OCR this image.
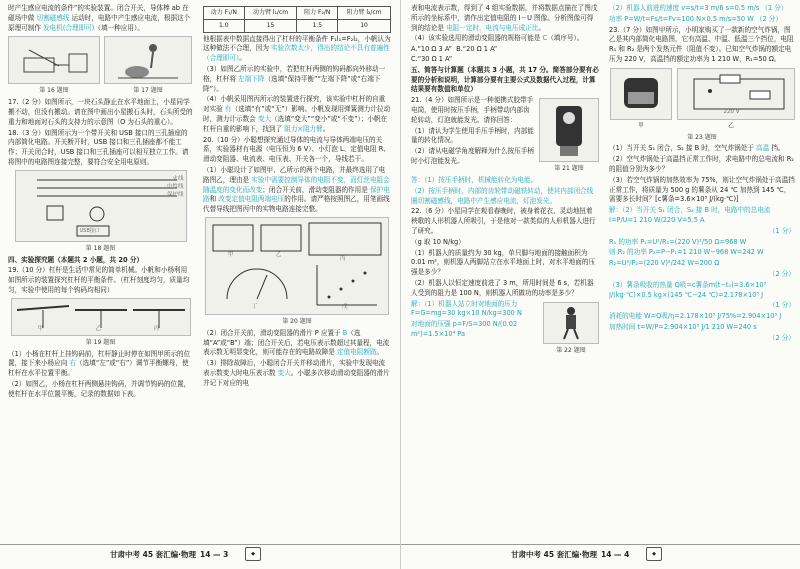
时产生感应电流的条件”的实验装置。闭合开关，导体棒 ab 在磁场中做 切割磁感线 运动时，电路中产生感应电流，根据这个原理可制作 发电机(合理即可)（填一种应用）。

第 16 题图	第 17 题图

17.（2 分）如图所示，一块石头静止在水平地面上，小星同学搬不动，但没有搬动。请在图中画出小星搬石头时，石头所受的重力和地面对石头的支持力的示意图（O 为石头的重心）。

18.（3 分）如图所示为一个带开关和 USB 接口的三孔插座的内部简化电路。开关断开时，USB 接口和三孔插座都不能工作；开关闭合时，USB 接口和三孔插座可以相互独立工作。请将图中的电路图连接完整，要符合安全用电原则。

火线
中性线
保护线
USB接口
第 18 题图

四、实验探究题（本题共 2 小题，共 20 分）

19.（10 分）杠杆是生活中常见的简单机械。小帆和小杨利用如图所示的装置探究杠杆的平衡条件。（杠杆刻度均匀，质量均匀，实验中使用的每个钩码均相同）

甲	乙	丙
第 19 题图

（1）小杨在杠杆上挂钩码前，杠杆静止时停在如图甲所示的位置，接下来小杨应向 右（选填“左”或“右”）调节平衡螺母，使杠杆在水平位置平衡。

（2）如图乙，小杨在杠杆两侧悬挂钩码，并调节钩码的位置，使杠杆在水平位置平衡，记录的数据如下表。

动力 F₁/N	动力臂 l₁/cm	阻力 F₂/N	阻力臂 l₂/cm
1.0	15	1.5	10

他根据表中数据直接得出了杠杆的平衡条件 F₁l₁=F₂l₂，小帆认为这种做法不合理，因为 实验次数太少，得出的结论不具有普遍性（合理即可）。

（3）如图乙所示的实验中，若把杠杆两侧的钩码都向外移动一格，杠杆将 左端下降（选填“保持平衡”“左端下降”或“右端下降”）。

（4）小帆采用图丙所示的装置进行探究，该实验中杠杆的自重对实验 有（选填“有”或“无”）影响。小帆发现用弹簧测力计拉动时，测力计示数会 变大（选填“变大”“变小”或“不变”）；小帆在杠杆自重的影响下，找到了 阻力×阻力臂。

20.（10 分）小聪想探究通过导体的电流与导体两端电压的关系，实验器材有电源（电压恒为 6 V）、小灯泡 L、定值电阻 R、滑动变阻器、电流表、电压表、开关各一个，导线若干。

（1）小聪设计了如图甲、乙所示的两个电路，并最终选用了电路图乙，理由是 实验中需要控制导体的电阻不变，而灯丝电阻会随温度的变化而改变；闭合开关前，滑动变阻器的作用是 保护电路和 改变定值电阻两端电压的作用。请严格按照图乙，用笔画线代替导线把图丙中的实物电路连接完整。

甲	乙
丙
丁	戊
第 20 题图

（2）闭合开关前，滑动变阻器的滑片 P 应置于 B（选填“A”或“B”）端；闭合开关后，若电压表示数超过其量程，电流表示数无明显变化，则可能存在的电路故障是 定值电阻断路。

（3）排除故障后，小聪闭合开关并移动滑片，实验中发现电流表示数变大时电压表示数 变大。小聪多次移动滑动变阻器的滑片并记下对应的电

甘肃中考 45 套汇编·物理 14 — 3	◆

表和电流表示数，得到了 4 组实验数据，并将数据点描在了图戊所示的坐标系中，请作出定值电阻的 I－U 图像。分析图像可得到的结论是 电阻一定时，电流与电压成正比。

（4）该实验选用的滑动变阻器的规格可能是 C（填序号）。

A.“10 Ω 3 A” B.“20 Ω 1 A”
C.“30 Ω 1 A”

五、简答与计算题（本题共 3 小题，共 17 分。简答部分要有必要的分析和说明，计算部分要有主要公式及数据代入过程，计算结果要有数值和单位）

21.（4 分）如图所示是一种便携式胶带手电筒，使用时按压手柄，手柄带动内部齿轮转动，灯泡就能发光。请你回答：

（1）请认为学生使用手压手柄时，内部能量的转化情况。

（2）请从电磁学角度解释为什么按压手柄时小灯泡能发光。

第 21 题图

答：（1）按压手柄时，机械能转化为电能。

（2）按压手柄时，内部的齿轮带动磁铁转动，使其内部闭合线圈切割磁感线，电路中产生感应电流，灯泡发光。

22.（6 分）小星同学在观看春晚时，被身着花衣、灵动地扭着秧歌的人形机器人所吸引，于是他对一款类似的人形机器人进行了研究。

（g 取 10 N/kg）

（1）机器人的质量约为 30 kg，单只脚与地面的接触面积为 0.01 m²，则机器人两脚站立在水平地面上时，对水平地面的压强是多少？

（2）机器人以恒定速度前进了 3 m，所用时间是 6 s，若机器人受到的阻力是 100 N，则机器人所做功的功率是多少？

解：（1）机器人站立时对地面的压力 F=G=mg=30 kg×10 N/kg=300 N

对地面的压强 p=F/S=300 N/(0.02 m²)=1.5×10⁴ Pa

第 22 题图

（2）机器人前进的速度 v=s/t=3 m/6 s=0.5 m/s （1 分）

功率 P=W/t=Fs/t=Fv=100 N×0.5 m/s=50 W （2 分）

23.（7 分）如图甲所示，小明家购买了一款新的空气炸锅，图乙是其内部简化电路图，它有高温、中温、低温三个挡位，电阻 R₁ 和 R₂ 是两个发热元件（阻值不变）。已知空气炸锅的额定电压为 220 V，高温挡的额定功率为 1 210 W，R₁=50 Ω。

220 V
甲	乙
第 23 题图

（1）当开关 S₁ 闭合，S₂ 接 B 时，空气炸锅处于 高温 挡。

（2）空气炸锅处于高温挡正常工作时，求电路中的总电流和 R₂ 的阻值分别为多少？

（3）若空气炸锅的加热效率为 75%，则让空气炸锅处于高温挡正常工作，将质量为 500 g 的薯条从 24 ℃ 加热到 145 ℃，需要多长时间？[c薯条=3.6×10³ J/(kg·℃)]

解：（2）当开关 S₁ 闭合，S₂ 接 B 时，电路中的总电流 I=P/U=1 210 W/220 V=5.5 A

（1 分）

R₁ 的功率 P₁=U²/R₁=(220 V)²/50 Ω=968 W

则 R₂ 的功率 P₂=P−P₁=1 210 W−968 W=242 W

R₂=U²/P₂=(220 V)²/242 W=200 Ω

（2 分）

（3）薯条吸收的热量 Q吸=c薯条m(t−t₀)=3.6×10³ J/(kg·℃)×0.5 kg×(145 ℃−24 ℃)=2.178×10⁵ J

（1 分）

消耗的电能 W=Q吸/η=2.178×10⁵ J/75%=2.904×10⁵ J

加热时间 t=W/P=2.904×10⁵ J/1 210 W=240 s

（2 分）

甘肃中考 45 套汇编·物理 14 — 4	◆
